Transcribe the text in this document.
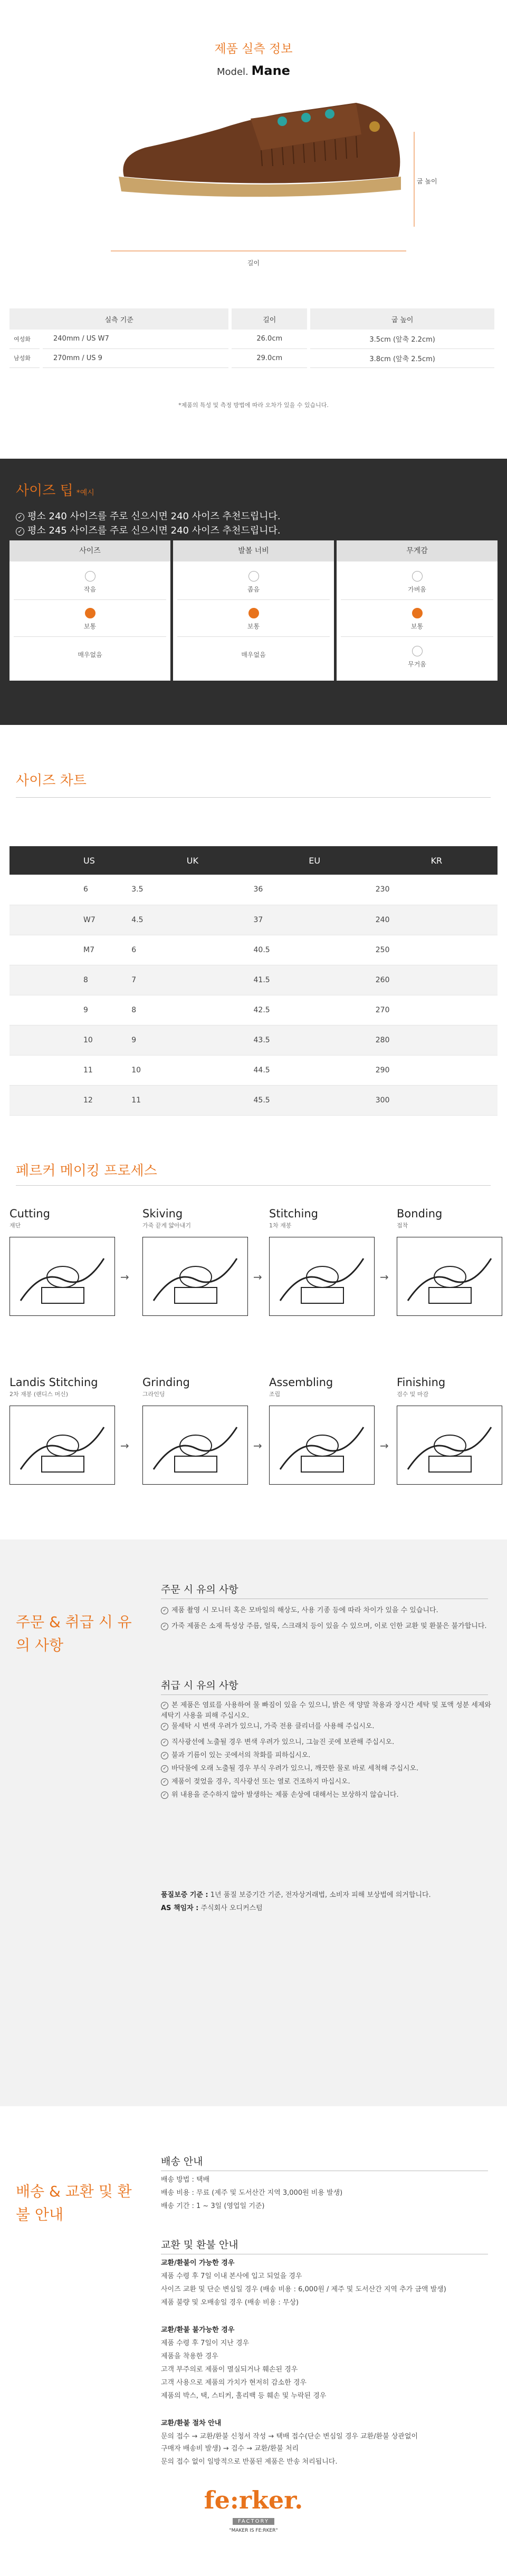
제품 실측 정보
Model. Mane
굽 높이
길이
실측 기준		길이	굽 높이
여성화	240mm / US W7	26.0cm	3.5cm (앞축 2.2cm)
남성화	270mm / US 9	29.0cm	3.8cm (앞축 2.5cm)
*제품의 특성 및 측정 방법에 따라 오차가 있을 수 있습니다.
사이즈 팁 *예시
✓ 평소 240 사이즈를 주로 신으시면 240 사이즈 추천드립니다.
✓ 평소 245 사이즈를 주로 신으시면 240 사이즈 추천드립니다.
사이즈
작음
보통
매우없음
발볼 너비
좁음
보통
매우없음
무게감
가벼움
보통
무거움
사이즈 차트
US	UK	EU	KR
6	3.5	36	230
W7	4.5	37	240
M7	6	40.5	250
8	7	41.5	260
9	8	42.5	270
10	9	43.5	280
11	10	44.5	290
12	11	45.5	300
페르커 메이킹 프로세스
Cutting
재단
→
Skiving
가죽 끝게 얇아내기
→
Stitching
1차 재봉
→
Bonding
접착
Landis Stitching
2차 재봉 (랜디스 머신)
→
Grinding
그라인딩
→
Assembling
조립
→
Finishing
검수 및 마감
주문 & 취급 시 유의 사항
주문 시 유의 사항
✓ 제품 촬영 시 모니터 혹은 모바일의 해상도, 사용 기종 등에 따라 차이가 있을 수 있습니다.
✓ 가죽 제품은 소재 특성상 주름, 얼룩, 스크래치 등이 있을 수 있으며, 이로 인한 교환 및 환불은 불가합니다.
취급 시 유의 사항
✓ 본 제품은 염료를 사용하여 물 빠짐이 있을 수 있으니, 밝은 색 양말 착용과 장시간 세탁 및 포액 성분 세제와 세탁기 사용을 피해 주십시오.
✓ 물세탁 시 변색 우려가 있으니, 가죽 전용 클리너를 사용해 주십시오.
✓ 직사광선에 노출될 경우 변색 우려가 있으니, 그늘진 곳에 보관해 주십시오.
✓ 불과 기름이 있는 곳에서의 착화를 피하십시오.
✓ 바닥물에 오래 노출될 경우 부식 우려가 있으니, 깨끗한 물로 바로 세척해 주십시오.
✓ 제품이 젖었을 경우, 직사광선 또는 열로 건조하지 마십시오.
✓ 위 내용을 준수하지 않아 발생하는 제품 손상에 대해서는 보상하지 않습니다.
품질보증 기준 : 1년 품질 보증기간 기준, 전자상거래법, 소비자 피해 보상법에 의거합니다.
AS 책임자 : 주식회사 오디커스텀
배송 & 교환 및 환불 안내
배송 안내
배송 방법 : 택배
배송 비용 : 무료 (제주 및 도서산간 지역 3,000원 비용 발생)
배송 기간 : 1 ~ 3일 (영업일 기준)
교환 및 환불 안내
교환/환불이 가능한 경우
제품 수령 후 7일 이내 본사에 입고 되었을 경우
사이즈 교환 및 단순 변심일 경우 (배송 비용 : 6,000원 / 제주 및 도서산간 지역 추가 금액 발생)
제품 불량 및 오배송일 경우 (배송 비용 : 무상)
교환/환불 불가능한 경우
제품 수령 후 7일이 지난 경우
제품을 착용한 경우
고객 부주의로 제품이 멸실되거나 훼손된 경우
고객 사용으로 제품의 가치가 현저히 감소한 경우
제품의 박스, 택, 스티커, 홀리백 등 훼손 및 누락된 경우
교환/환불 절차 안내
문의 접수 → 교환/환불 신청서 작성 → 택배 접수(단순 변심일 경우 교환/환불 상관없이
구매자 배송비 발생) → 검수 → 교환/환불 처리
문의 접수 없이 일방적으로 반품된 제품은 반송 처리됩니다.
fe:rker.
FACTORY
"MAKER IS FE:RKER"
